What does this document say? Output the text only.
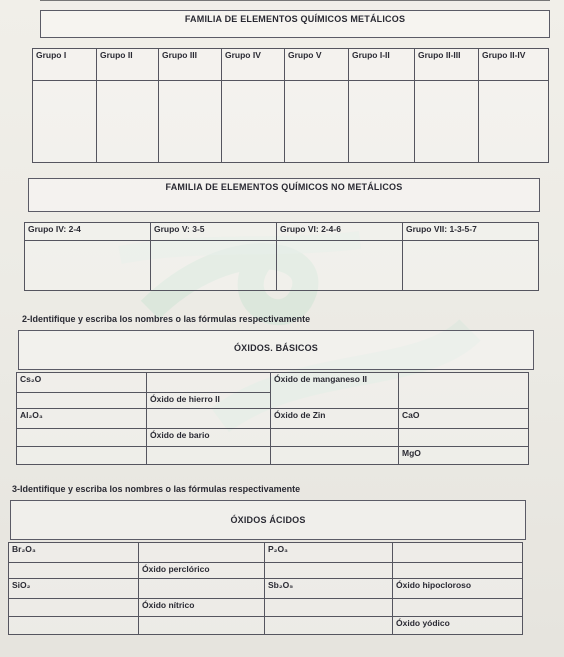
FAMILIA DE ELEMENTOS QUÍMICOS METÁLICOS
Grupo I	Grupo II	Grupo III	Grupo IV	Grupo V	Grupo I-II	Grupo II-III	Grupo II-IV

FAMILIA DE ELEMENTOS QUÍMICOS NO METÁLICOS
Grupo IV: 2-4	Grupo V: 3-5	Grupo VI: 2-4-6	Grupo VII: 1-3-5-7

2-Identifique y escriba los nombres o las fórmulas respectivamente
ÓXIDOS. BÁSICOS
Cs₂O		Óxido de manganeso II	
	Óxido de hierro II		
Al₂O₃		Óxido de Zin	CaO
	Óxido de bario		
			MgO
3-Identifique y escriba los nombres o las fórmulas respectivamente
ÓXIDOS ÁCIDOS
Br₂O₃		P₂O₃	
	Óxido perclórico		
SiO₂		Sb₂O₅	Óxido hipocloroso
	Óxido nítrico		
			Óxido yódico
